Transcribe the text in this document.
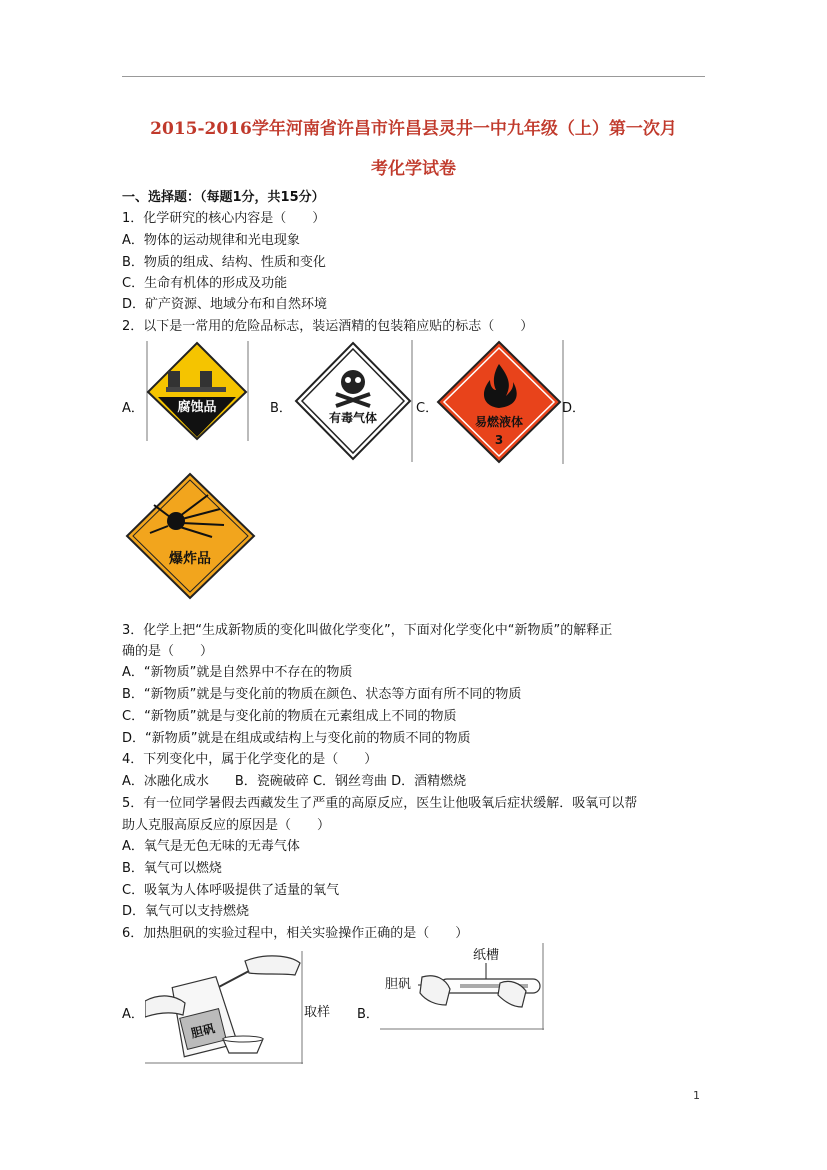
2015-2016学年河南省许昌市许昌县灵井一中九年级（上）第一次月
考化学试卷
一、选择题：（每题1分，共15分）
1．化学研究的核心内容是（　　）
A．物体的运动规律和光电现象
B．物质的组成、结构、性质和变化
C．生命有机体的形成及功能
D．矿产资源、地域分布和自然环境
2．以下是一常用的危险品标志，装运酒精的包装箱应贴的标志（　　）
A．	腐蚀品	B．
有毒气体
C．
易燃液体
3
D．
爆炸品
3．化学上把“生成新物质的变化叫做化学变化”，下面对化学变化中“新物质”的解释正
确的是（　　）
A．“新物质”就是自然界中不存在的物质
B．“新物质”就是与变化前的物质在颜色、状态等方面有所不同的物质
C．“新物质”就是与变化前的物质在元素组成上不同的物质
D．“新物质”就是在组成或结构上与变化前的物质不同的物质
4．下列变化中，属于化学变化的是（　　）
A．冰融化成水　　B．瓷碗破碎 C．钢丝弯曲 D．酒精燃烧
5．有一位同学暑假去西藏发生了严重的高原反应，医生让他吸氧后症状缓解．吸氧可以帮
助人克服高原反应的原因是（　　）
A．氧气是无色无味的无毒气体
B．氧气可以燃烧
C．吸氧为人体呼吸提供了适量的氧气
D．氧气可以支持燃烧
6．加热胆矾的实验过程中，相关实验操作正确的是（　　）
A．
胆矾
取样 B．
纸槽
胆矾
1
